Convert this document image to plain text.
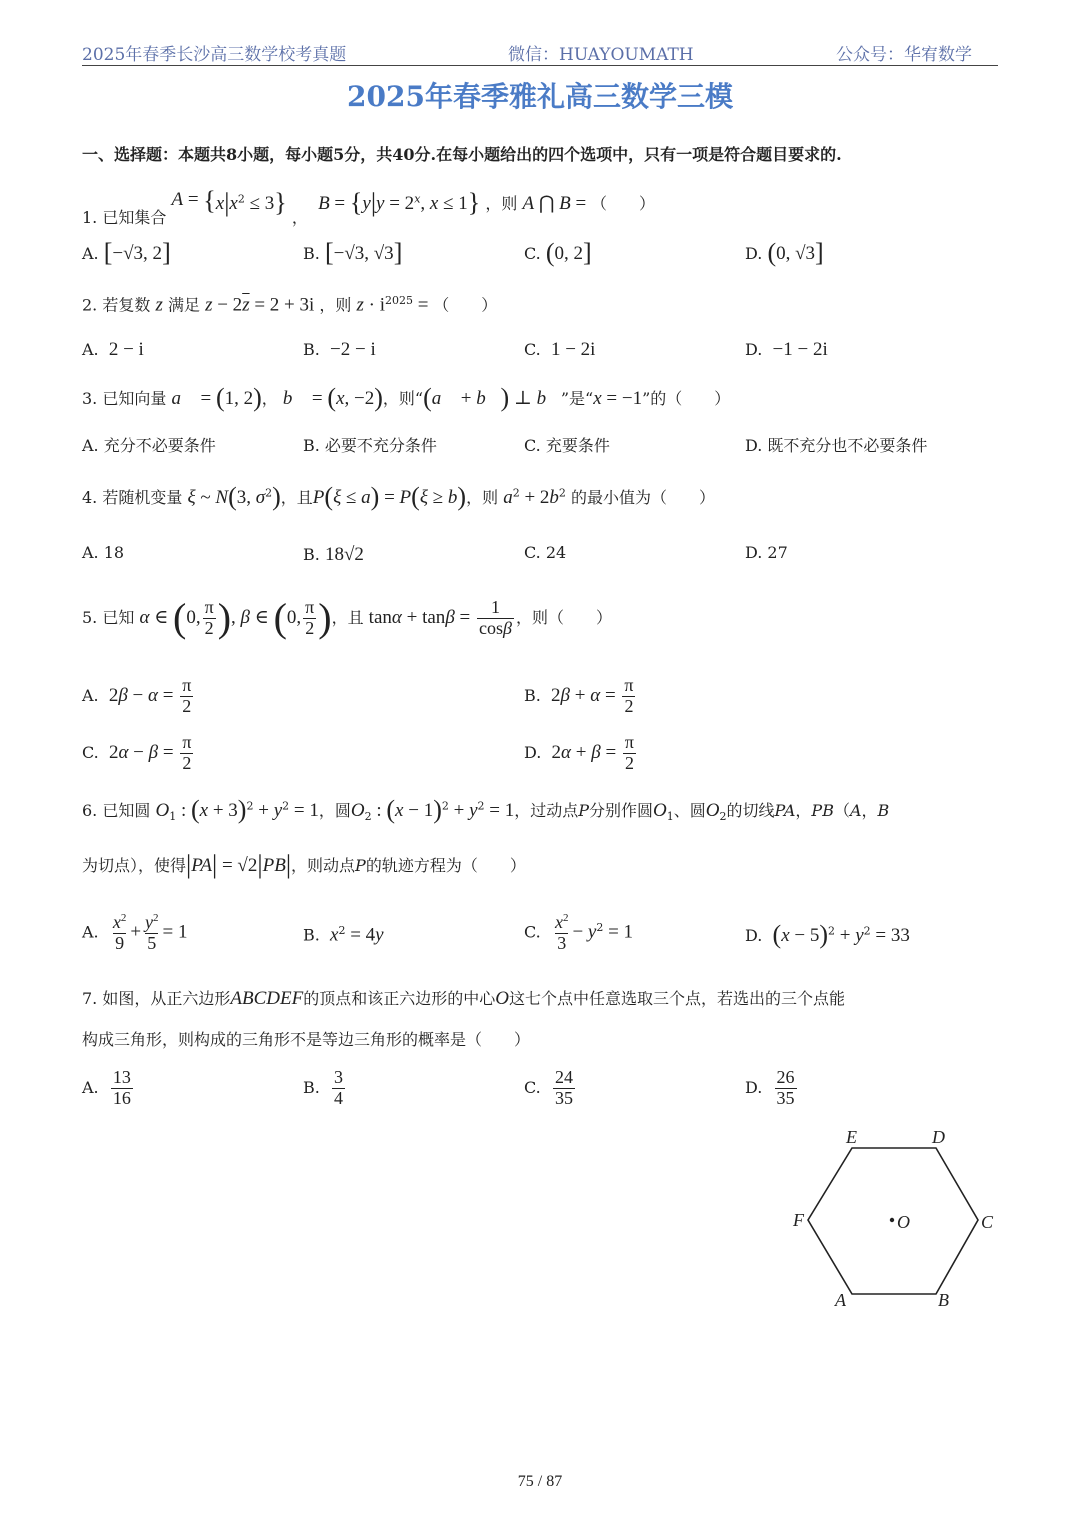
2025年春季长沙高三数学校考真题	微信：HUAYOUMATH	公众号：华宥数学
2025年春季雅礼高三数学三模
一、选择题：本题共8小题，每小题5分，共40分.在每小题给出的四个选项中，只有一项是符合题目要求的.
1. 已知集合 $A = \{x|x^2 \le 3\}$ ，  $B = \{y|y = 2^x$, x ≤ 1} ，则 A ⋂ B = （　　）
A. [−√3, 2]	B. [−√3, √3]	C. (0, 2]	D. (0, √3]
2. 若复数 z 满足 $z - 2\overline{z} = 2 + 3i$ ，则 $z \cdot i^{2025}$ = （　　）
A. 2 − i	B. −2 − i	C. 1 − 2i	D. −1 − 2i
3. 已知向量 a⃗ = (1, 2)， b⃗ = (x, −2)，则“(a⃗ + b⃗) ⊥ b⃗”是“x = −1”的（　　）
A. 充分不必要条件	B. 必要不充分条件	C. 充要条件	D. 既不充分也不必要条件
4. 若随机变量 ξ ~ N(3, $\sigma^2$)，且P(ξ ≤ a) = P(ξ ≥ b)，则 $a^2 + 2b^2$ 的最小值为（　　）
A. 18	B. 18√2	C. 24	D. 27
5. 已知 α ∈ (0, $\frac{\pi}{2}$ ), β ∈ (0, $\frac{\pi}{2}$ )，且 $\tan\alpha + \tan\beta = \frac{1}{\cos\beta}$ ，则（　　）
A. $2\beta - \alpha = \frac{\pi}{2}$	B. $2\beta + \alpha = \frac{\pi}{2}$
C. $2\alpha - \beta = \frac{\pi}{2}$	D. $2\alpha + \beta = \frac{\pi}{2}$
6. 已知圆 $O_1$ : $(x + 3)^2 + y^2 = 1$，圆$O_2$ : $(x - 1)^2 + y^2 = 1$，过动点P分别作圆$O_1$、圆$O_2$的切线PA，PB（A，B
为切点），使得|PA| = √2|PB|，则动点P的轨迹方程为（　　）
A. $\frac{x^2}{9} + \frac{y^2}{5} = 1$	B. $x^2 = 4y$	C. $\frac{x^2}{3} - y^2 = 1$	D. $(x - 5)^2 + y^2 = 33$
7. 如图，从正六边形ABCDEF的顶点和该正六边形的中心O这七个点中任意选取三个点，若选出的三个点能
构成三角形，则构成的三角形不是等边三角形的概率是（　　）
A. $\frac{13}{16}$	B. $\frac{3}{4}$	C. $\frac{24}{35}$	D. $\frac{26}{35}$
E	D
F	O	C
A	B
75 / 87
